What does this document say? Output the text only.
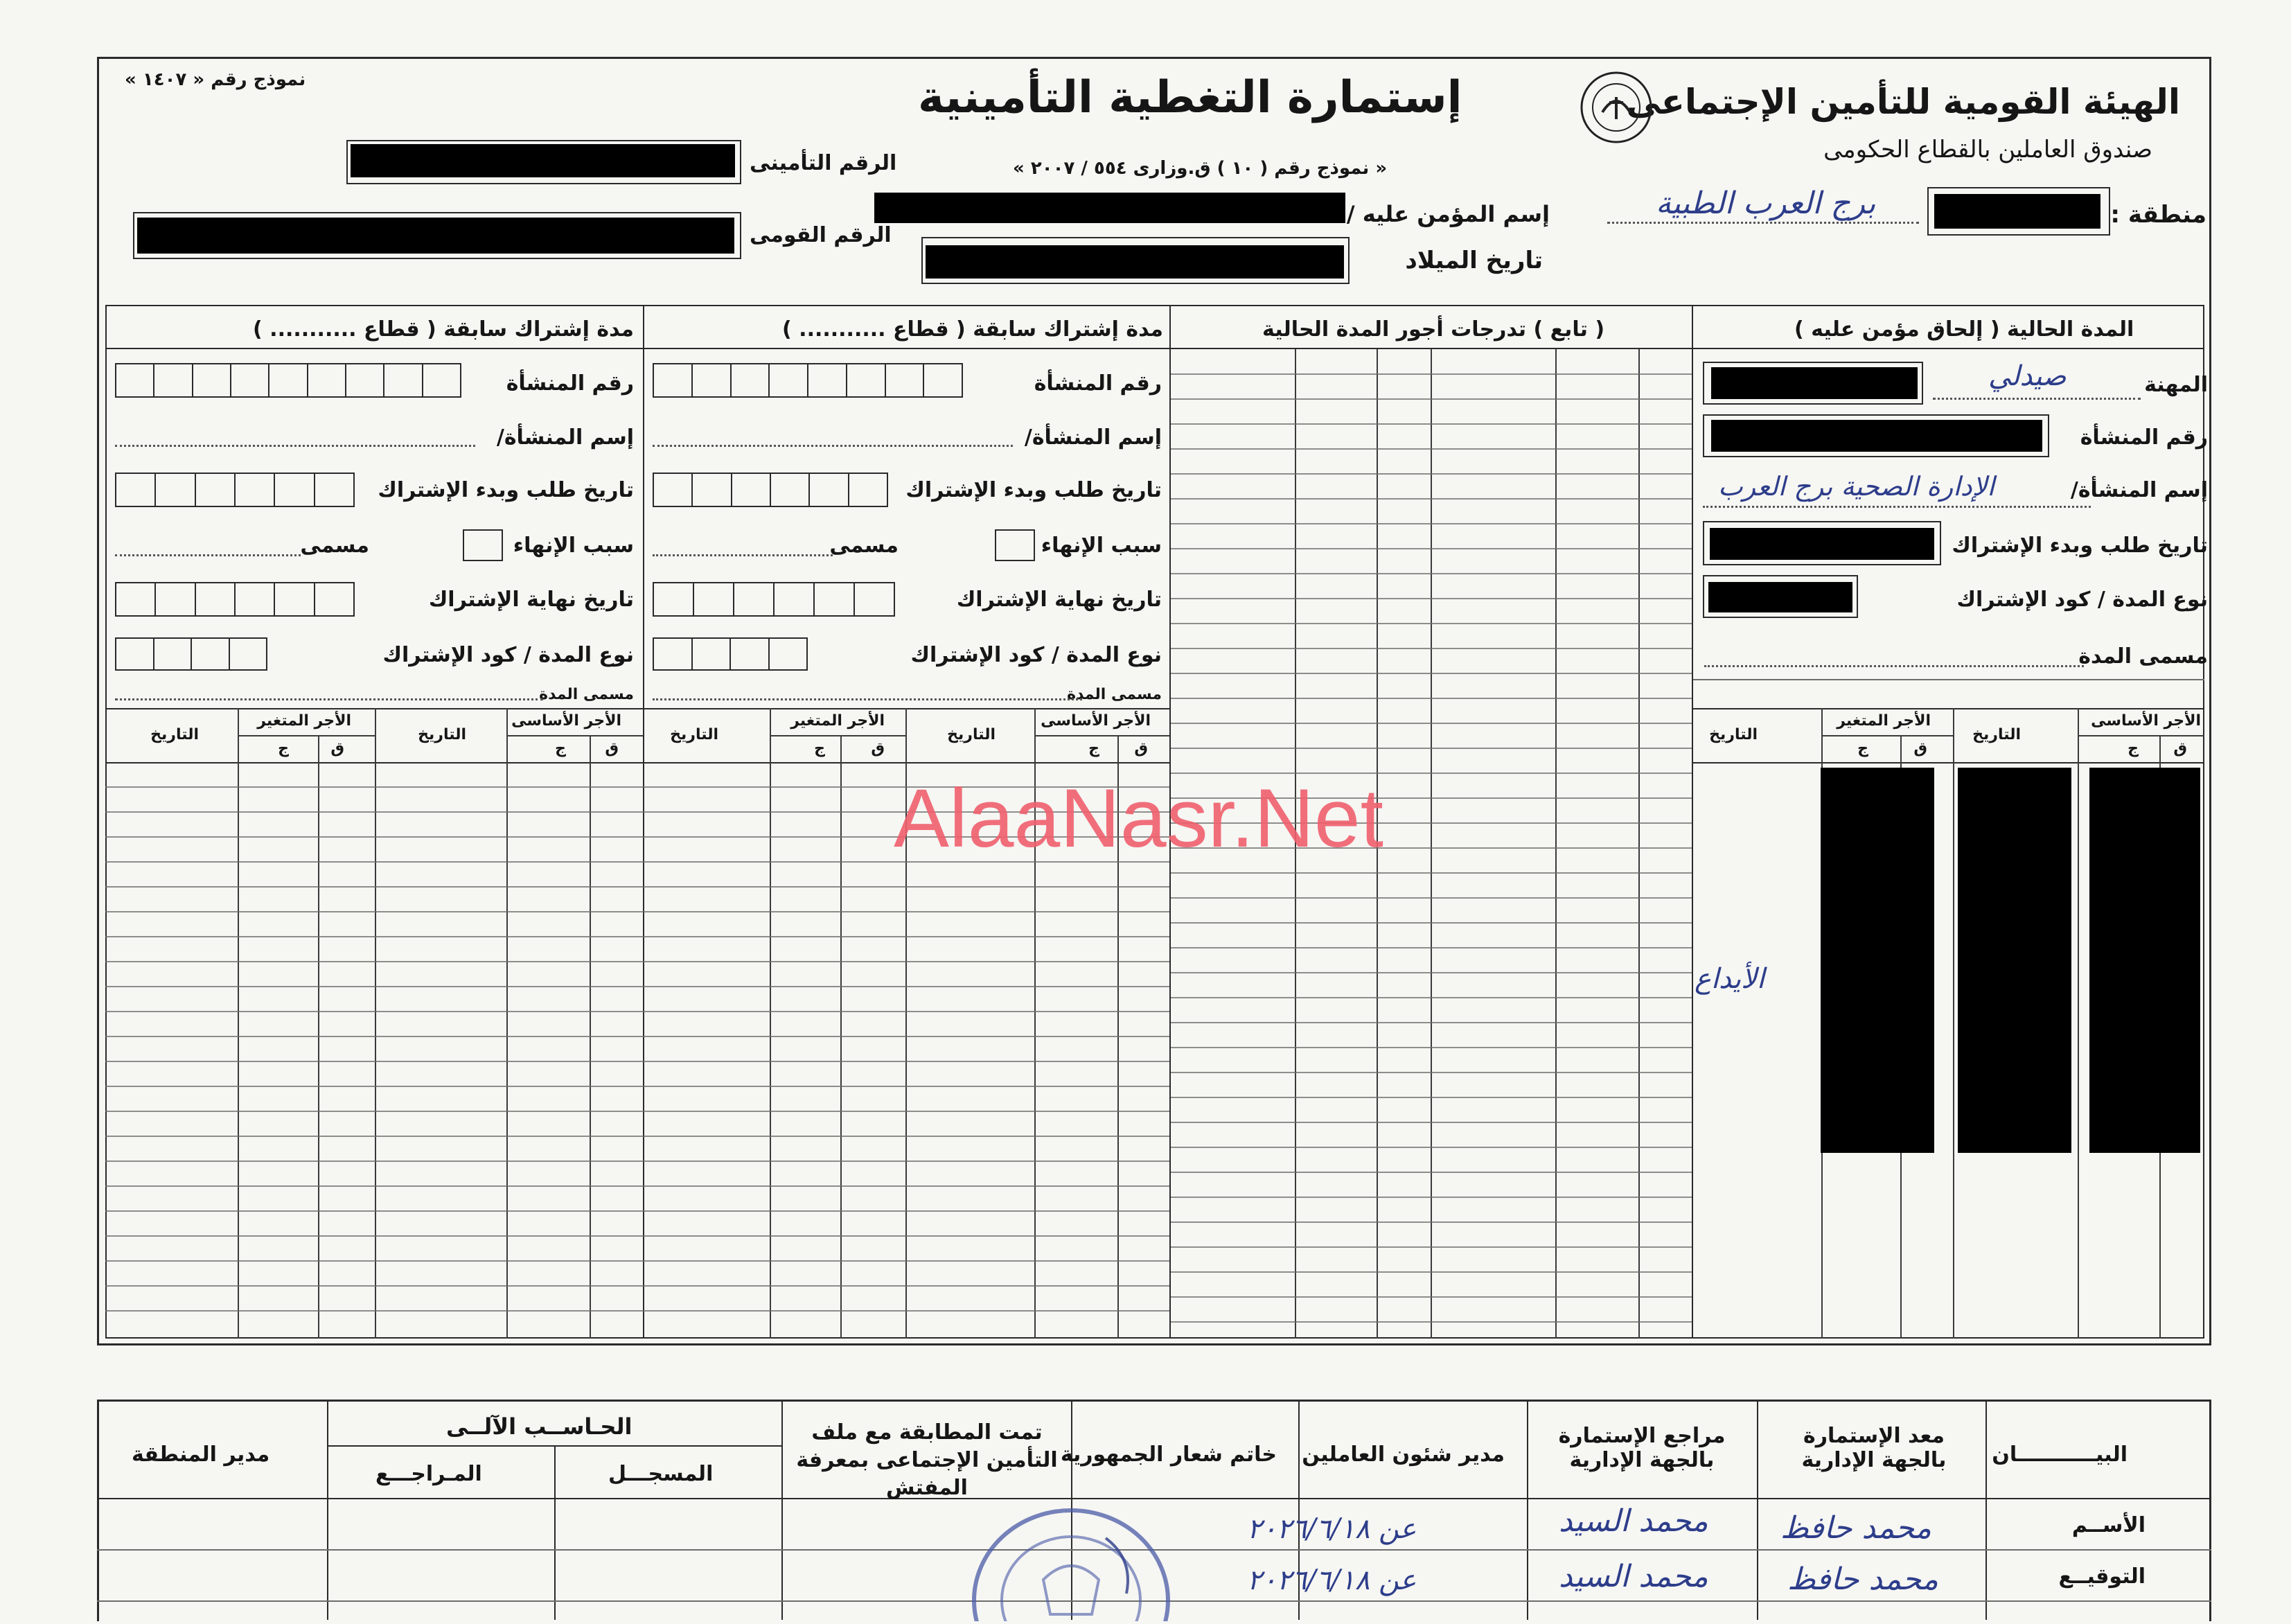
الهيئة القومية للتأمين الإجتماعى
صندوق العاملين بالقطاع الحكومى
إستمارة التغطية التأمينية
« نموذج رقم ( ١٠ ) ق.وزارى ٥٥٤ / ٢٠٠٧ »
نموذج رقم « ١٤٠٧ »
الرقم التأمينى
الرقم القومى
إسم المؤمن عليه /
تاريخ الميلاد
منطقة :
برج العرب الطبية
المدة الحالية ( إلحاق مؤمن عليه )
المهنة
صيدلي
رقم المنشأة
إسم المنشأة/
الإدارة الصحية برج العرب
تاريخ طلب وبدء الإشتراك
نوع المدة / كود الإشتراك
مسمى المدة
( تابع ) تدرجات أجور المدة الحالية
مدة إشتراك سابقة ( قطاع ........... )
رقم المنشأة
إسم المنشأة/
تاريخ طلب وبدء الإشتراك
سبب الإنهاء
مسمى
تاريخ نهاية الإشتراك
نوع المدة / كود الإشتراك
مسمى المدة
مدة إشتراك سابقة ( قطاع ........... )
رقم المنشأة
إسم المنشأة/
تاريخ طلب وبدء الإشتراك
سبب الإنهاء
مسمى
تاريخ نهاية الإشتراك
نوع المدة / كود الإشتراك
مسمى المدة
الأجر الأساسى
الأجر المتغير
التاريخ
التاريخ
ق
ج
ق
ج
الأيداع
الأجر الأساسى
الأجر المتغير
التاريخ
التاريخ
ق
ج
ق
ج
الأجر الأساسى
الأجر المتغير
التاريخ
التاريخ
ق
ج
ق
ج
AlaaNasr.Net
البيـــــــــــان
معد الإستمارة بالجهة الإدارية
مراجع الإستمارة بالجهة الإدارية
مدير شئون العاملين
خاتم شعار الجمهورية
تمت المطابقة مع ملف التأمين الإجتماعى بمعرفة المفتش
الحـاســب الآلــى
المسجـــل
المـراجـــع
مدير المنطقة
الأســم
التوقيــع
محمد حافظ
محمد حافظ
محمد السيد
محمد السيد
عن ٢٠٢٦/٦/١٨
عن ٢٠٢٦/٦/١٨
